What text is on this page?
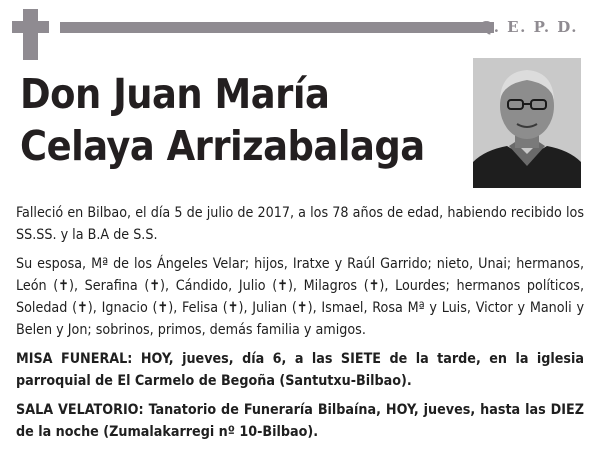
Q. E. P. D.
Don Juan María
Celaya Arrizabalaga

Falleció en Bilbao, el día 5 de julio de 2017, a los 78 años de edad, habiendo recibido los SS.SS. y la B.A de S.S.

Su esposa, Mª de los Ángeles Velar; hijos, Iratxe y Raúl Garrido; nieto, Unai; hermanos, León (✝), Serafina (✝), Cándido, Julio (✝), Milagros (✝), Lourdes; hermanos políticos, Soledad (✝), Ignacio (✝), Felisa (✝), Julian (✝), Ismael, Rosa Mª y Luis, Victor y Manoli y Belen y Jon; sobrinos, primos, demás familia y amigos.

MISA FUNERAL: HOY, jueves, día 6, a las SIETE de la tarde, en la iglesia parroquial de El Carmelo de Begoña (Santutxu-Bilbao).

SALA VELATORIO: Tanatorio de Funeraría Bilbaína, HOY, jueves, hasta las DIEZ de la noche (Zumalakarregi nº 10-Bilbao).
